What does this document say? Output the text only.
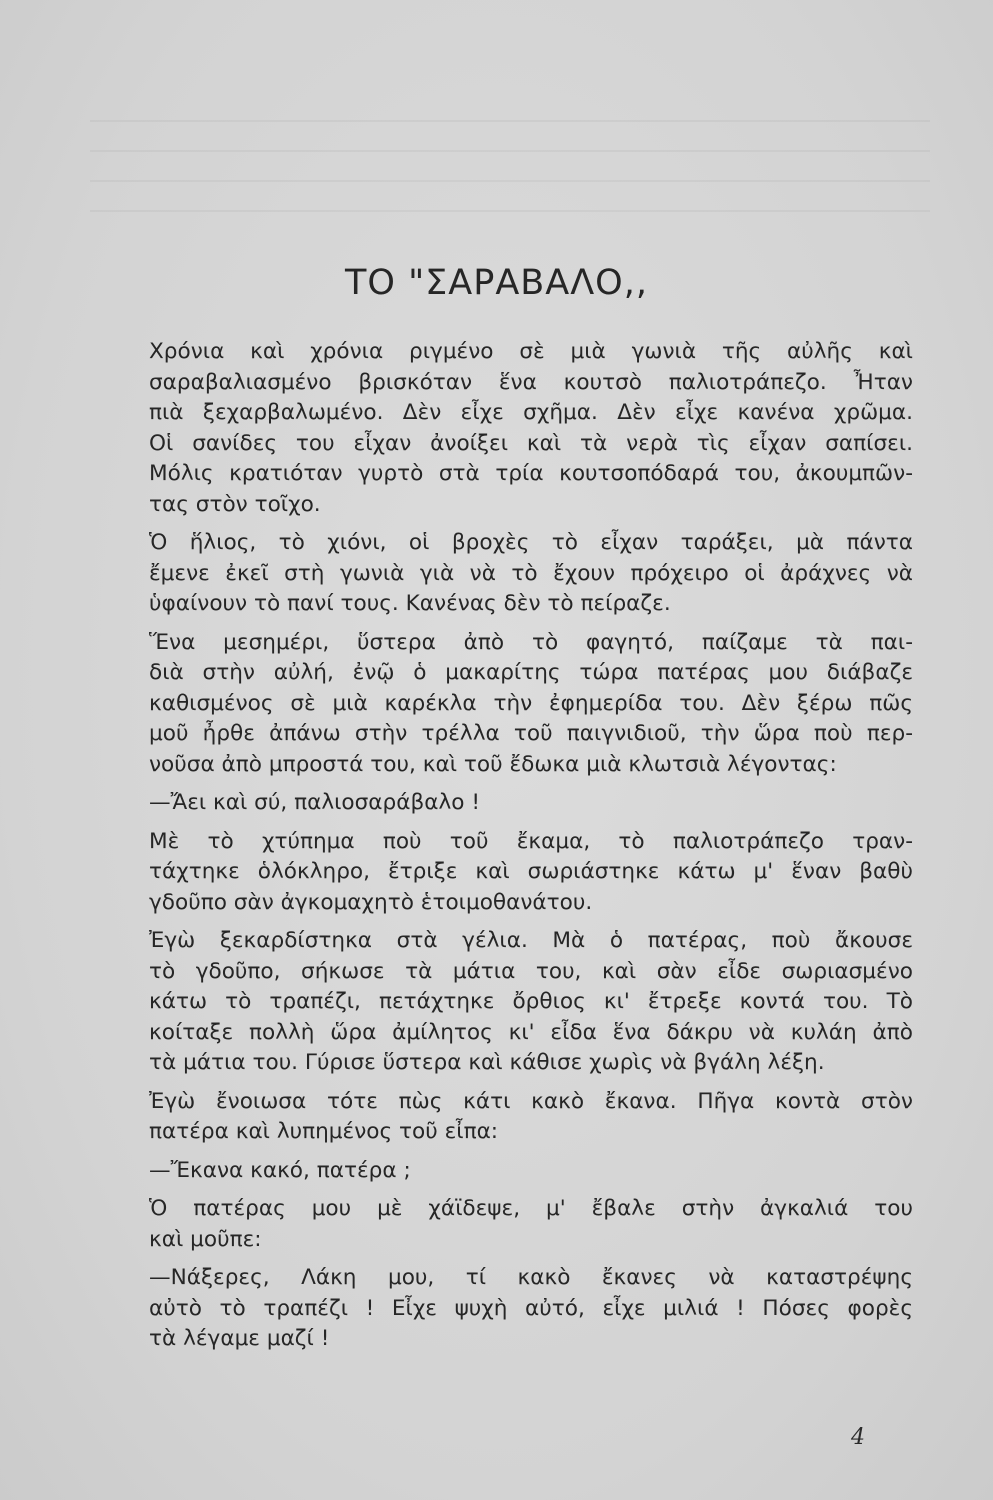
ΤΟ "ΣΑΡΑΒΑΛΟ,,

Χρόνια καὶ χρόνια ριγμένο σὲ μιὰ γωνιὰ τῆς αὐλῆς καὶ
σαραβαλιασμένο βρισκόταν ἕνα κουτσὸ παλιοτράπεζο. Ἦταν
πιὰ ξεχαρβαλωμένο. Δὲν εἶχε σχῆμα. Δὲν εἶχε κανένα χρῶμα.
Οἱ σανίδες του εἶχαν ἀνοίξει καὶ τὰ νερὰ τὶς εἶχαν σαπίσει.
Μόλις κρατιόταν γυρτὸ στὰ τρία κουτσοπόδαρά του, ἀκουμπῶν-
τας στὸν τοῖχο.

Ὁ ἥλιος, τὸ χιόνι, οἱ βροχὲς τὸ εἶχαν ταράξει, μὰ πάντα
ἔμενε ἐκεῖ στὴ γωνιὰ γιὰ νὰ τὸ ἔχουν πρόχειρο οἱ ἀράχνες νὰ
ὑφαίνουν τὸ πανί τους. Κανένας δὲν τὸ πείραζε.

Ἕνα μεσημέρι, ὕστερα ἀπὸ τὸ φαγητό, παίζαμε τὰ παι-
διὰ στὴν αὐλή, ἐνῷ ὁ μακαρίτης τώρα πατέρας μου διάβαζε
καθισμένος σὲ μιὰ καρέκλα τὴν ἐφημερίδα του. Δὲν ξέρω πῶς
μοῦ ἦρθε ἀπάνω στὴν τρέλλα τοῦ παιγνιδιοῦ, τὴν ὥρα ποὺ περ-
νοῦσα ἀπὸ μπροστά του, καὶ τοῦ ἔδωκα μιὰ κλωτσιὰ λέγοντας:

—Ἄει καὶ σύ, παλιοσαράβαλο !

Μὲ τὸ χτύπημα ποὺ τοῦ ἔκαμα, τὸ παλιοτράπεζο τραν-
τάχτηκε ὁλόκληρο, ἔτριξε καὶ σωριάστηκε κάτω μ' ἕναν βαθὺ
γδοῦπο σὰν ἀγκομαχητὸ ἑτοιμοθανάτου.

Ἐγὼ ξεκαρδίστηκα στὰ γέλια. Μὰ ὁ πατέρας, ποὺ ἄκουσε
τὸ γδοῦπο, σήκωσε τὰ μάτια του, καὶ σὰν εἶδε σωριασμένο
κάτω τὸ τραπέζι, πετάχτηκε ὄρθιος κι' ἔτρεξε κοντά του. Τὸ
κοίταξε πολλὴ ὥρα ἀμίλητος κι' εἶδα ἕνα δάκρυ νὰ κυλάη ἀπὸ
τὰ μάτια του. Γύρισε ὕστερα καὶ κάθισε χωρὶς νὰ βγάλη λέξη.

Ἐγὼ ἔνοιωσα τότε πὼς κάτι κακὸ ἔκανα. Πῆγα κοντὰ στὸν
πατέρα καὶ λυπημένος τοῦ εἶπα:

—Ἔκανα κακό, πατέρα ;

Ὁ πατέρας μου μὲ χάϊδεψε, μ' ἔβαλε στὴν ἀγκαλιά του
καὶ μοῦπε:

—Νάξερες, Λάκη μου, τί κακὸ ἔκανες νὰ καταστρέψης
αὐτὸ τὸ τραπέζι ! Εἶχε ψυχὴ αὐτό, εἶχε μιλιά ! Πόσες φορὲς
τὰ λέγαμε μαζί !

4
